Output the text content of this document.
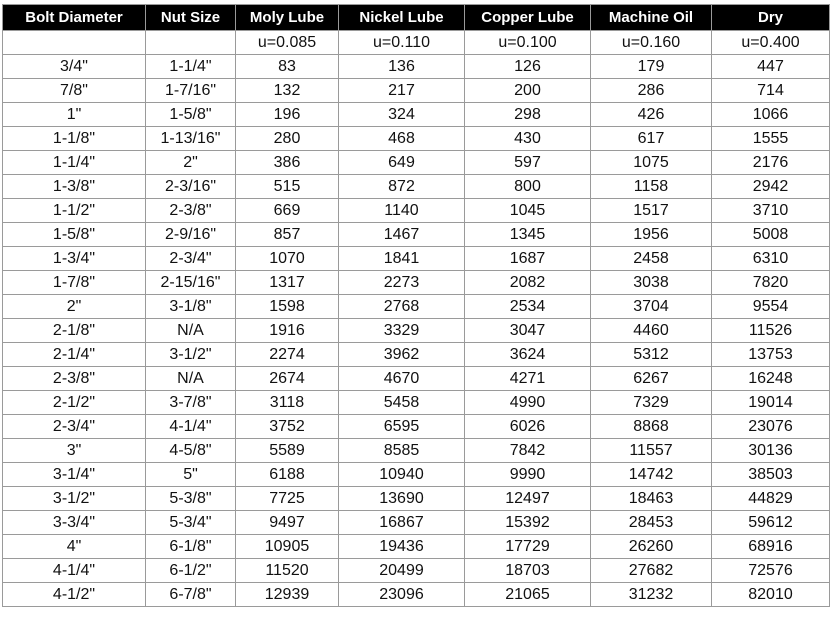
Bolt Diameter	Nut Size	Moly Lube	Nickel Lube	Copper Lube	Machine Oil	Dry
		u=0.085	u=0.110	u=0.100	u=0.160	u=0.400
3/4"	1-1/4"	83	136	126	179	447
7/8"	1-7/16"	132	217	200	286	714
1"	1-5/8"	196	324	298	426	1066
1-1/8"	1-13/16"	280	468	430	617	1555
1-1/4"	2"	386	649	597	1075	2176
1-3/8"	2-3/16"	515	872	800	1158	2942
1-1/2"	2-3/8"	669	1140	1045	1517	3710
1-5/8"	2-9/16"	857	1467	1345	1956	5008
1-3/4"	2-3/4"	1070	1841	1687	2458	6310
1-7/8"	2-15/16"	1317	2273	2082	3038	7820
2"	3-1/8"	1598	2768	2534	3704	9554
2-1/8"	N/A	1916	3329	3047	4460	11526
2-1/4"	3-1/2"	2274	3962	3624	5312	13753
2-3/8"	N/A	2674	4670	4271	6267	16248
2-1/2"	3-7/8"	3118	5458	4990	7329	19014
2-3/4"	4-1/4"	3752	6595	6026	8868	23076
3"	4-5/8"	5589	8585	7842	11557	30136
3-1/4"	5"	6188	10940	9990	14742	38503
3-1/2"	5-3/8"	7725	13690	12497	18463	44829
3-3/4"	5-3/4"	9497	16867	15392	28453	59612
4"	6-1/8"	10905	19436	17729	26260	68916
4-1/4"	6-1/2"	11520	20499	18703	27682	72576
4-1/2"	6-7/8"	12939	23096	21065	31232	82010
